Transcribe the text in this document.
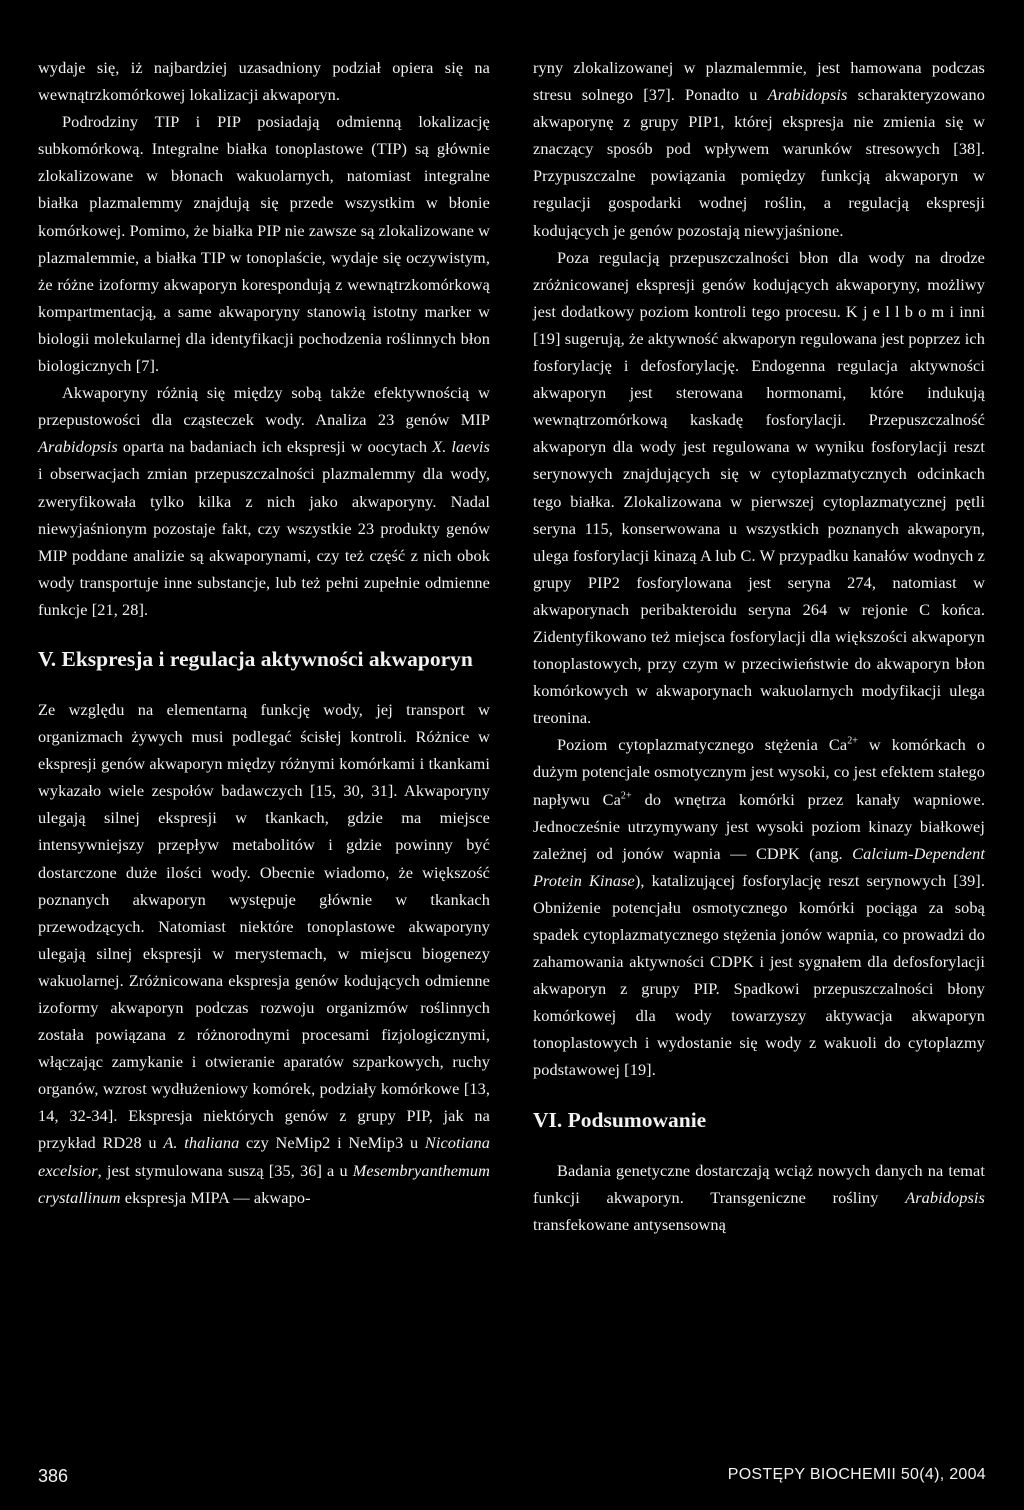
wydaje się, iż najbardziej uzasadniony podział opiera się na wewnątrzkomórkowej lokalizacji akwaporyn.

Podrodziny TIP i PIP posiadają odmienną lokalizację subkomórkową. Integralne białka tonoplastowe (TIP) są głównie zlokalizowane w błonach wakuolarnych, natomiast integralne białka plazmalemmy znajdują się przede wszystkim w błonie komórkowej. Pomimo, że białka PIP nie zawsze są zlokalizowane w plazmalemmie, a białka TIP w tonoplaście, wydaje się oczywistym, że różne izoformy akwaporyn korespondują z wewnątrzkomórkową kompartmentacją, a same akwaporyny stanowią istotny marker w biologii molekularnej dla identyfikacji pochodzenia roślinnych błon biologicznych [7].

Akwaporyny różnią się między sobą także efektywnością w przepustowości dla cząsteczek wody. Analiza 23 genów MIP Arabidopsis oparta na badaniach ich ekspresji w oocytach X. laevis i obserwacjach zmian przepuszczalności plazmalemmy dla wody, zweryfikowała tylko kilka z nich jako akwaporyny. Nadal niewyjaśnionym pozostaje fakt, czy wszystkie 23 produkty genów MIP poddane analizie są akwaporynami, czy też część z nich obok wody transportuje inne substancje, lub też pełni zupełnie odmienne funkcje [21, 28].

V. Ekspresja i regulacja aktywności akwaporyn

Ze względu na elementarną funkcję wody, jej transport w organizmach żywych musi podlegać ścisłej kontroli. Różnice w ekspresji genów akwaporyn między różnymi komórkami i tkankami wykazało wiele zespołów badawczych [15, 30, 31]. Akwaporyny ulegają silnej ekspresji w tkankach, gdzie ma miejsce intensywniejszy przepływ metabolitów i gdzie powinny być dostarczone duże ilości wody. Obecnie wiadomo, że większość poznanych akwaporyn występuje głównie w tkankach przewodzących. Natomiast niektóre tonoplastowe akwaporyny ulegają silnej ekspresji w merystemach, w miejscu biogenezy wakuolarnej. Zróżnicowana ekspresja genów kodujących odmienne izoformy akwaporyn podczas rozwoju organizmów roślinnych została powiązana z różnorodnymi procesami fizjologicznymi, włączając zamykanie i otwieranie aparatów szparkowych, ruchy organów, wzrost wydłużeniowy komórek, podziały komórkowe [13, 14, 32-34]. Ekspresja niektórych genów z grupy PIP, jak na przykład RD28 u A. thaliana czy NeMip2 i NeMip3 u Nicotiana excelsior, jest stymulowana suszą [35, 36] a u Mesembryanthemum crystallinum ekspresja MIPA — akwapo-

ryny zlokalizowanej w plazmalemmie, jest hamowana podczas stresu solnego [37]. Ponadto u Arabidopsis scharakteryzowano akwaporynę z grupy PIP1, której ekspresja nie zmienia się w znaczący sposób pod wpływem warunków stresowych [38]. Przypuszczalne powiązania pomiędzy funkcją akwaporyn w regulacji gospodarki wodnej roślin, a regulacją ekspresji kodujących je genów pozostają niewyjaśnione.

Poza regulacją przepuszczalności błon dla wody na drodze zróżnicowanej ekspresji genów kodujących akwaporyny, możliwy jest dodatkowy poziom kontroli tego procesu. K j e l l b o m i inni [19] sugerują, że aktywność akwaporyn regulowana jest poprzez ich fosforylację i defosforylację. Endogenna regulacja aktywności akwaporyn jest sterowana hormonami, które indukują wewnątrzomórkową kaskadę fosforylacji. Przepuszczalność akwaporyn dla wody jest regulowana w wyniku fosforylacji reszt serynowych znajdujących się w cytoplazmatycznych odcinkach tego białka. Zlokalizowana w pierwszej cytoplazmatycznej pętli seryna 115, konserwowana u wszystkich poznanych akwaporyn, ulega fosforylacji kinazą A lub C. W przypadku kanałów wodnych z grupy PIP2 fosforylowana jest seryna 274, natomiast w akwaporynach peribakteroidu seryna 264 w rejonie C końca. Zidentyfikowano też miejsca fosforylacji dla większości akwaporyn tonoplastowych, przy czym w przeciwieństwie do akwaporyn błon komórkowych w akwaporynach wakuolarnych modyfikacji ulega treonina.

Poziom cytoplazmatycznego stężenia $Ca^{2+}$ w komórkach o dużym potencjale osmotycznym jest wysoki, co jest efektem stałego napływu $Ca^{2+}$ do wnętrza komórki przez kanały wapniowe. Jednocześnie utrzymywany jest wysoki poziom kinazy białkowej zależnej od jonów wapnia — CDPK (ang. Calcium-Dependent Protein Kinase), katalizującej fosforylację reszt serynowych [39]. Obniżenie potencjału osmotycznego komórki pociąga za sobą spadek cytoplazmatycznego stężenia jonów wapnia, co prowadzi do zahamowania aktywności CDPK i jest sygnałem dla defosforylacji akwaporyn z grupy PIP. Spadkowi przepuszczalności błony komórkowej dla wody towarzyszy aktywacja akwaporyn tonoplastowych i wydostanie się wody z wakuoli do cytoplazmy podstawowej [19].

VI. Podsumowanie

Badania genetyczne dostarczają wciąż nowych danych na temat funkcji akwaporyn. Transgeniczne rośliny Arabidopsis transfekowane antysensowną

386	POSTĘPY BIOCHEMII 50(4), 2004
